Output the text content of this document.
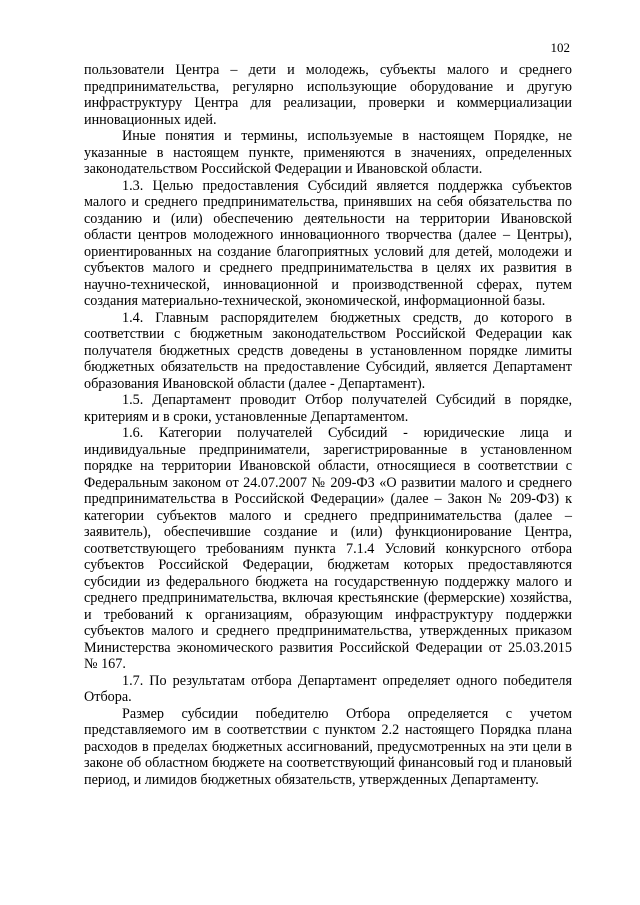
102

пользователи Центра – дети и молодежь, субъекты малого и среднего предпринимательства, регулярно использующие оборудование и другую инфраструктуру Центра для реализации, проверки и коммерциализации инновационных идей.

Иные понятия и термины, используемые в настоящем Порядке, не указанные в настоящем пункте, применяются в значениях, определенных законодательством Российской Федерации и Ивановской области.

1.3. Целью предоставления Субсидий является поддержка субъектов малого и среднего предпринимательства, принявших на себя обязательства по созданию и (или) обеспечению деятельности на территории Ивановской области центров молодежного инновационного творчества (далее – Центры), ориентированных на создание благоприятных условий для детей, молодежи и субъектов малого и среднего предпринимательства в целях их развития в научно-технической, инновационной и производственной сферах, путем создания материально-технической, экономической, информационной базы.

1.4. Главным распорядителем бюджетных средств, до которого в соответствии с бюджетным законодательством Российской Федерации как получателя бюджетных средств доведены в установленном порядке лимиты бюджетных обязательств на предоставление Субсидий, является Департамент образования Ивановской области (далее - Департамент).

1.5. Департамент проводит Отбор получателей Субсидий в порядке, критериям и в сроки, установленные Департаментом.

1.6. Категории получателей Субсидий - юридические лица и индивидуальные предприниматели, зарегистрированные в установленном порядке на территории Ивановской области, относящиеся в соответствии с Федеральным законом от 24.07.2007 № 209-ФЗ «О развитии малого и среднего предпринимательства в Российской Федерации» (далее – Закон № 209-ФЗ) к категории субъектов малого и среднего предпринимательства (далее – заявитель), обеспечившие создание и (или) функционирование Центра, соответствующего требованиям пункта 7.1.4 Условий конкурсного отбора субъектов Российской Федерации, бюджетам которых предоставляются субсидии из федерального бюджета на государственную поддержку малого и среднего предпринимательства, включая крестьянские (фермерские) хозяйства, и требований к организациям, образующим инфраструктуру поддержки субъектов малого и среднего предпринимательства, утвержденных приказом Министерства экономического развития Российской Федерации от 25.03.2015 № 167.

1.7. По результатам отбора Департамент определяет одного победителя Отбора.

Размер субсидии победителю Отбора определяется с учетом представляемого им в соответствии с пунктом 2.2 настоящего Порядка плана расходов в пределах бюджетных ассигнований, предусмотренных на эти цели в законе об областном бюджете на соответствующий финансовый год и плановый период, и лимидов бюджетных обязательств, утвержденных Департаменту.
